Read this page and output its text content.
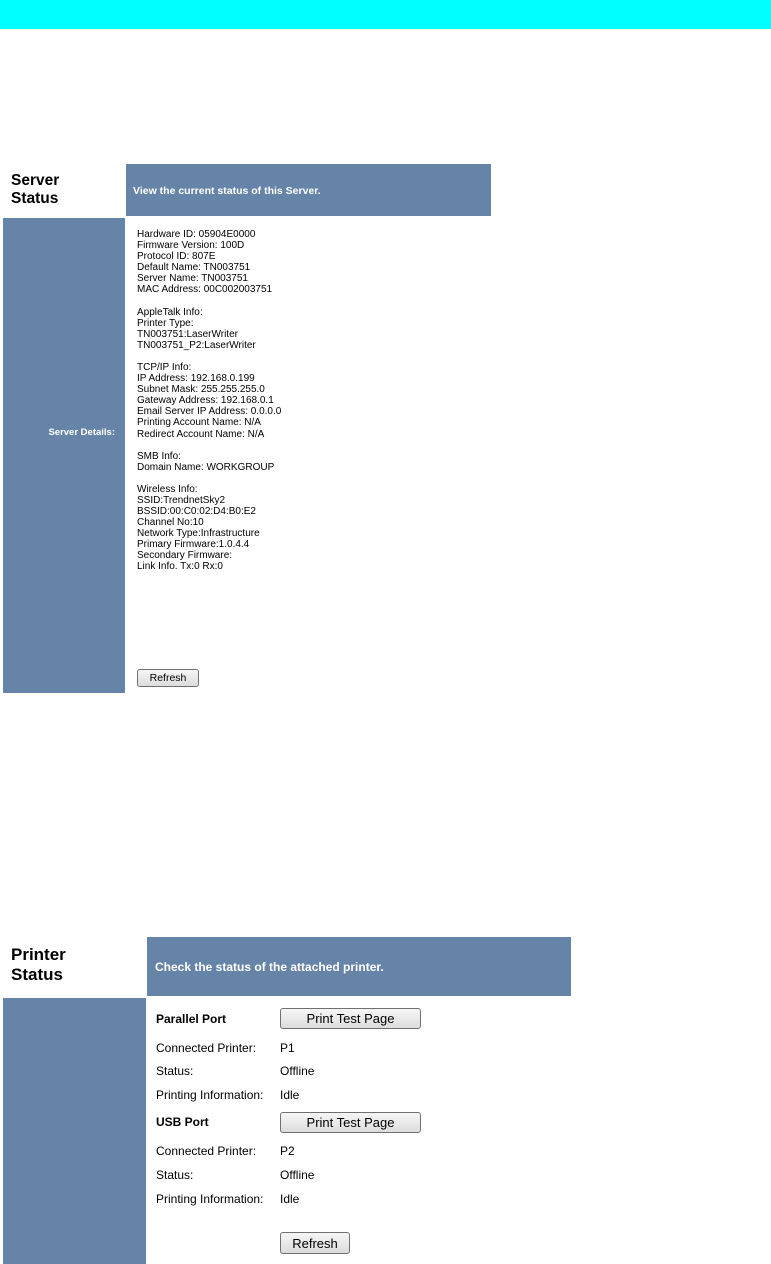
Server
Status	View the current status of this Server.
Server Details:
Hardware ID: 05904E0000
Firmware Version: 100D
Protocol ID: 807E
Default Name: TN003751
Server Name: TN003751
MAC Address: 00C002003751
AppleTalk Info:
Printer Type:
TN003751:LaserWriter
TN003751_P2:LaserWriter
TCP/IP Info:
IP Address: 192.168.0.199
Subnet Mask: 255.255.255.0
Gateway Address: 192.168.0.1
Email Server IP Address: 0.0.0.0
Printing Account Name: N/A
Redirect Account Name: N/A
SMB Info:
Domain Name: WORKGROUP
Wireless Info:
SSID:TrendnetSky2
BSSID:00:C0:02:D4:B0:E2
Channel No:10
Network Type:Infrastructure
Primary Firmware:1.0.4.4
Secondary Firmware:
Link Info. Tx:0 Rx:0
Refresh
Printer
Status	Check the status of the attached printer.
Parallel Port	Print Test Page
Connected Printer: P1
Status:	Offline
Printing Information: Idle
USB Port	Print Test Page
Connected Printer: P2
Status:	Offline
Printing Information: Idle
Refresh
